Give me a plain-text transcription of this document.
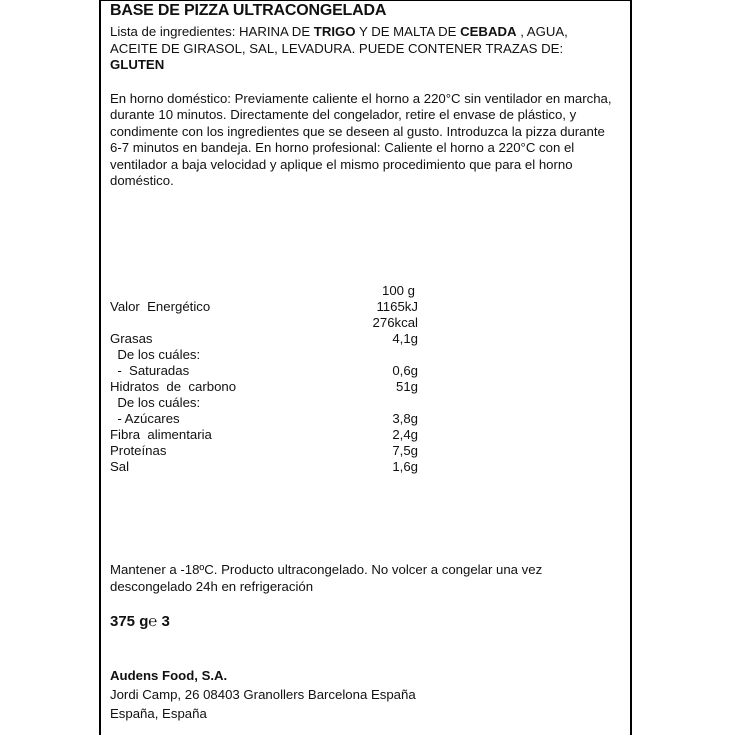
BASE DE PIZZA ULTRACONGELADA
Lista de ingredientes: HARINA DE TRIGO Y DE MALTA DE CEBADA , AGUA, ACEITE DE GIRASOL, SAL, LEVADURA. PUEDE CONTENER TRAZAS DE: GLUTEN
En horno doméstico: Previamente caliente el horno a 220°C sin ventilador en marcha, durante 10 minutos. Directamente del congelador, retire el envase de plástico, y condimente con los ingredientes que se deseen al gusto. Introduzca la pizza durante 6-7 minutos en bandeja. En horno profesional: Caliente el horno a 220°C con el ventilador a baja velocidad y aplique el mismo procedimiento que para el horno doméstico.
100 g
Valor  Energético	1165kJ
276kcal
Grasas	4,1g
De los cuáles:
-  Saturadas	0,6g
Hidratos  de  carbono	51g
De los cuáles:
- Azúcares	3,8g
Fibra  alimentaria	2,4g
Proteínas	7,5g
Sal	1,6g
Mantener a -18ºC. Producto ultracongelado. No volcer a congelar una vez descongelado 24h en refrigeración
375 g℮ 3
Audens Food, S.A.
Jordi Camp, 26 08403 Granollers Barcelona España
España, España
